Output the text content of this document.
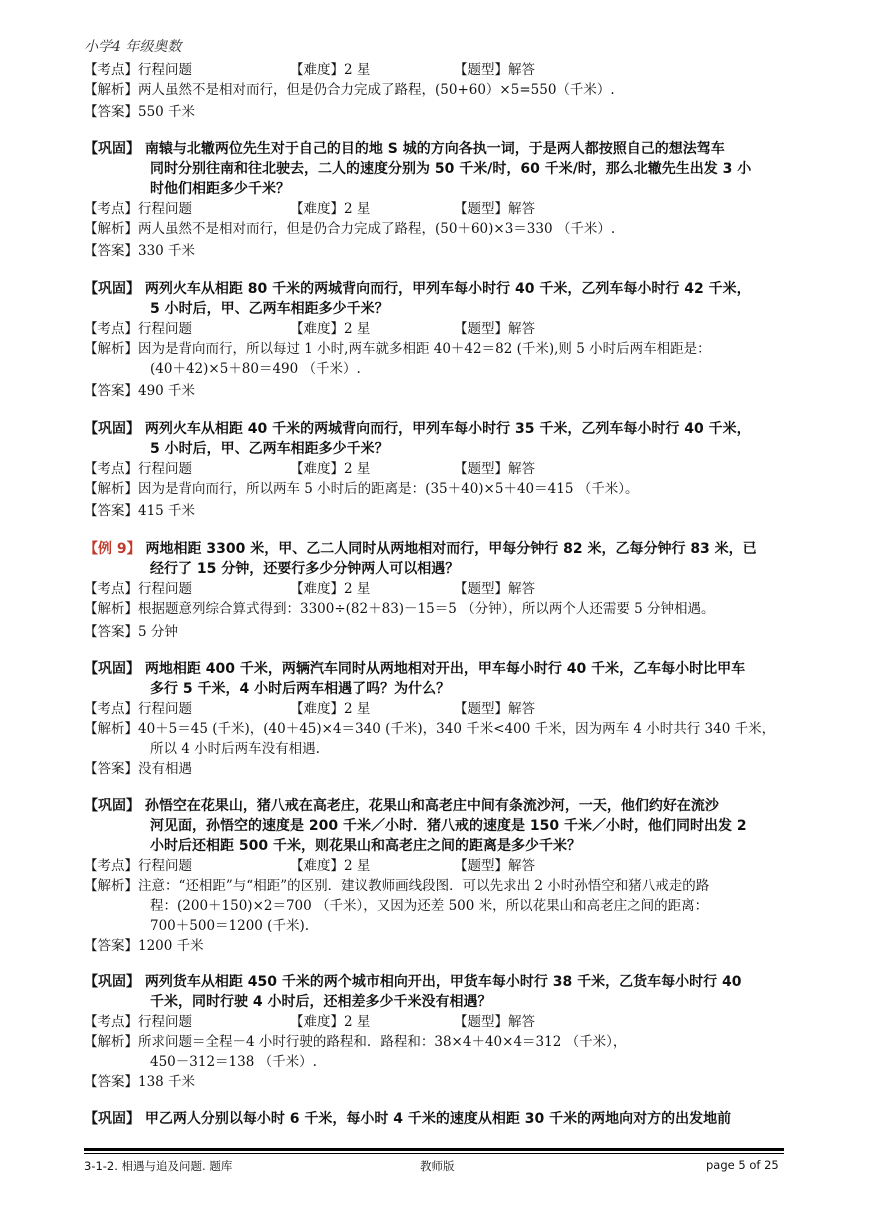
小学4 年级奥数
【考点】行程问题	【难度】2 星	【题型】解答
【解析】两人虽然不是相对而行，但是仍合力完成了路程，(50+60）×5=550（千米）.
【答案】550 千米
【巩固】 南辕与北辙两位先生对于自己的目的地 S 城的方向各执一词，于是两人都按照自己的想法驾车
同时分别往南和往北驶去，二人的速度分别为 50 千米/时，60 千米/时，那么北辙先生出发 3 小
时他们相距多少千米？
【考点】行程问题	【难度】2 星	【题型】解答
【解析】两人虽然不是相对而行，但是仍合力完成了路程，(50＋60)×3＝330 （千米）.
【答案】330 千米
【巩固】 两列火车从相距 80 千米的两城背向而行，甲列车每小时行 40 千米，乙列车每小时行 42 千米，
5 小时后，甲、乙两车相距多少千米？
【考点】行程问题	【难度】2 星	【题型】解答
【解析】因为是背向而行，所以每过 1 小时,两车就多相距 40＋42＝82 (千米),则 5 小时后两车相距是：
(40＋42)×5＋80＝490 （千米）.
【答案】490 千米
【巩固】 两列火车从相距 40 千米的两城背向而行，甲列车每小时行 35 千米，乙列车每小时行 40 千米，
5 小时后，甲、乙两车相距多少千米？
【考点】行程问题	【难度】2 星	【题型】解答
【解析】因为是背向而行，所以两车 5 小时后的距离是：(35＋40)×5＋40＝415 （千米）。
【答案】415 千米
【例 9】 两地相距 3300 米，甲、乙二人同时从两地相对而行，甲每分钟行 82 米，乙每分钟行 83 米，已
经行了 15 分钟，还要行多少分钟两人可以相遇？
【考点】行程问题	【难度】2 星	【题型】解答
【解析】根据题意列综合算式得到：3300÷(82＋83)－15＝5 （分钟），所以两个人还需要 5 分钟相遇。
【答案】5 分钟
【巩固】 两地相距 400 千米，两辆汽车同时从两地相对开出，甲车每小时行 40 千米，乙车每小时比甲车
多行 5 千米，4 小时后两车相遇了吗？为什么？
【考点】行程问题	【难度】2 星	【题型】解答
【解析】40＋5＝45 (千米)，(40＋45)×4＝340 (千米)，340 千米<400 千米，因为两车 4 小时共行 340 千米，
所以 4 小时后两车没有相遇.
【答案】没有相遇
【巩固】 孙悟空在花果山，猪八戒在高老庄，花果山和高老庄中间有条流沙河，一天，他们约好在流沙
河见面，孙悟空的速度是 200 千米／小时．猪八戒的速度是 150 千米／小时，他们同时出发 2
小时后还相距 500 千米，则花果山和高老庄之间的距离是多少千米？
【考点】行程问题	【难度】2 星	【题型】解答
【解析】注意：“还相距”与“相距”的区别．建议教师画线段图．可以先求出 2 小时孙悟空和猪八戒走的路
程：(200＋150)×2＝700 （千米），又因为还差 500 米，所以花果山和高老庄之间的距离：
700＋500＝1200 (千米).
【答案】1200 千米
【巩固】 两列货车从相距 450 千米的两个城市相向开出，甲货车每小时行 38 千米，乙货车每小时行 40
千米，同时行驶 4 小时后，还相差多少千米没有相遇？
【考点】行程问题	【难度】2 星	【题型】解答
【解析】所求问题＝全程－4 小时行驶的路程和．路程和：38×4＋40×4＝312 （千米），
450－312＝138 （千米）.
【答案】138 千米
【巩固】 甲乙两人分别以每小时 6 千米，每小时 4 千米的速度从相距 30 千米的两地向对方的出发地前
3-1-2. 相遇与追及问题. 题库	教师版	page 5 of 25
